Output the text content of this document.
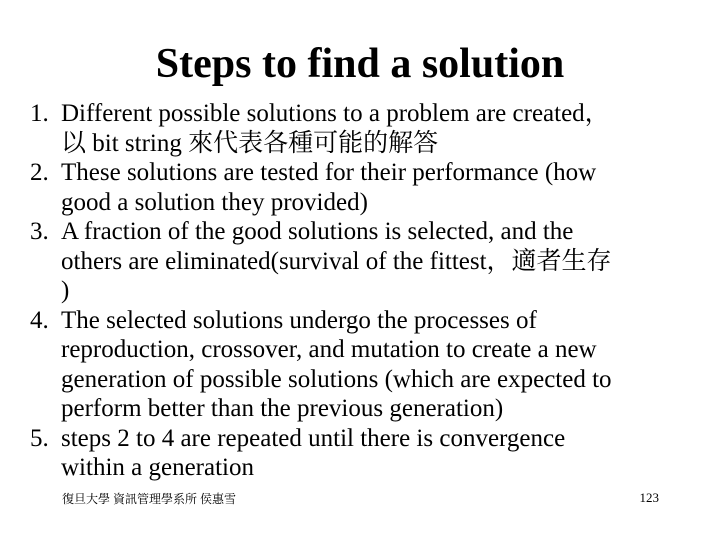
Steps to find a solution
1. Different possible solutions to a problem are created，
以 bit string 來代表各種可能的解答
2. These solutions are tested for their performance (how
good a solution they provided)
3. A fraction of the good solutions is selected, and the
others are eliminated(survival of the fittest，適者生存
)
4. The selected solutions undergo the processes of
reproduction, crossover, and mutation to create a new
generation of possible solutions (which are expected to
perform better than the previous generation)
5. steps 2 to 4 are repeated until there is convergence
within a generation
復旦大學 資訊管理學系所 侯惠雪	123
